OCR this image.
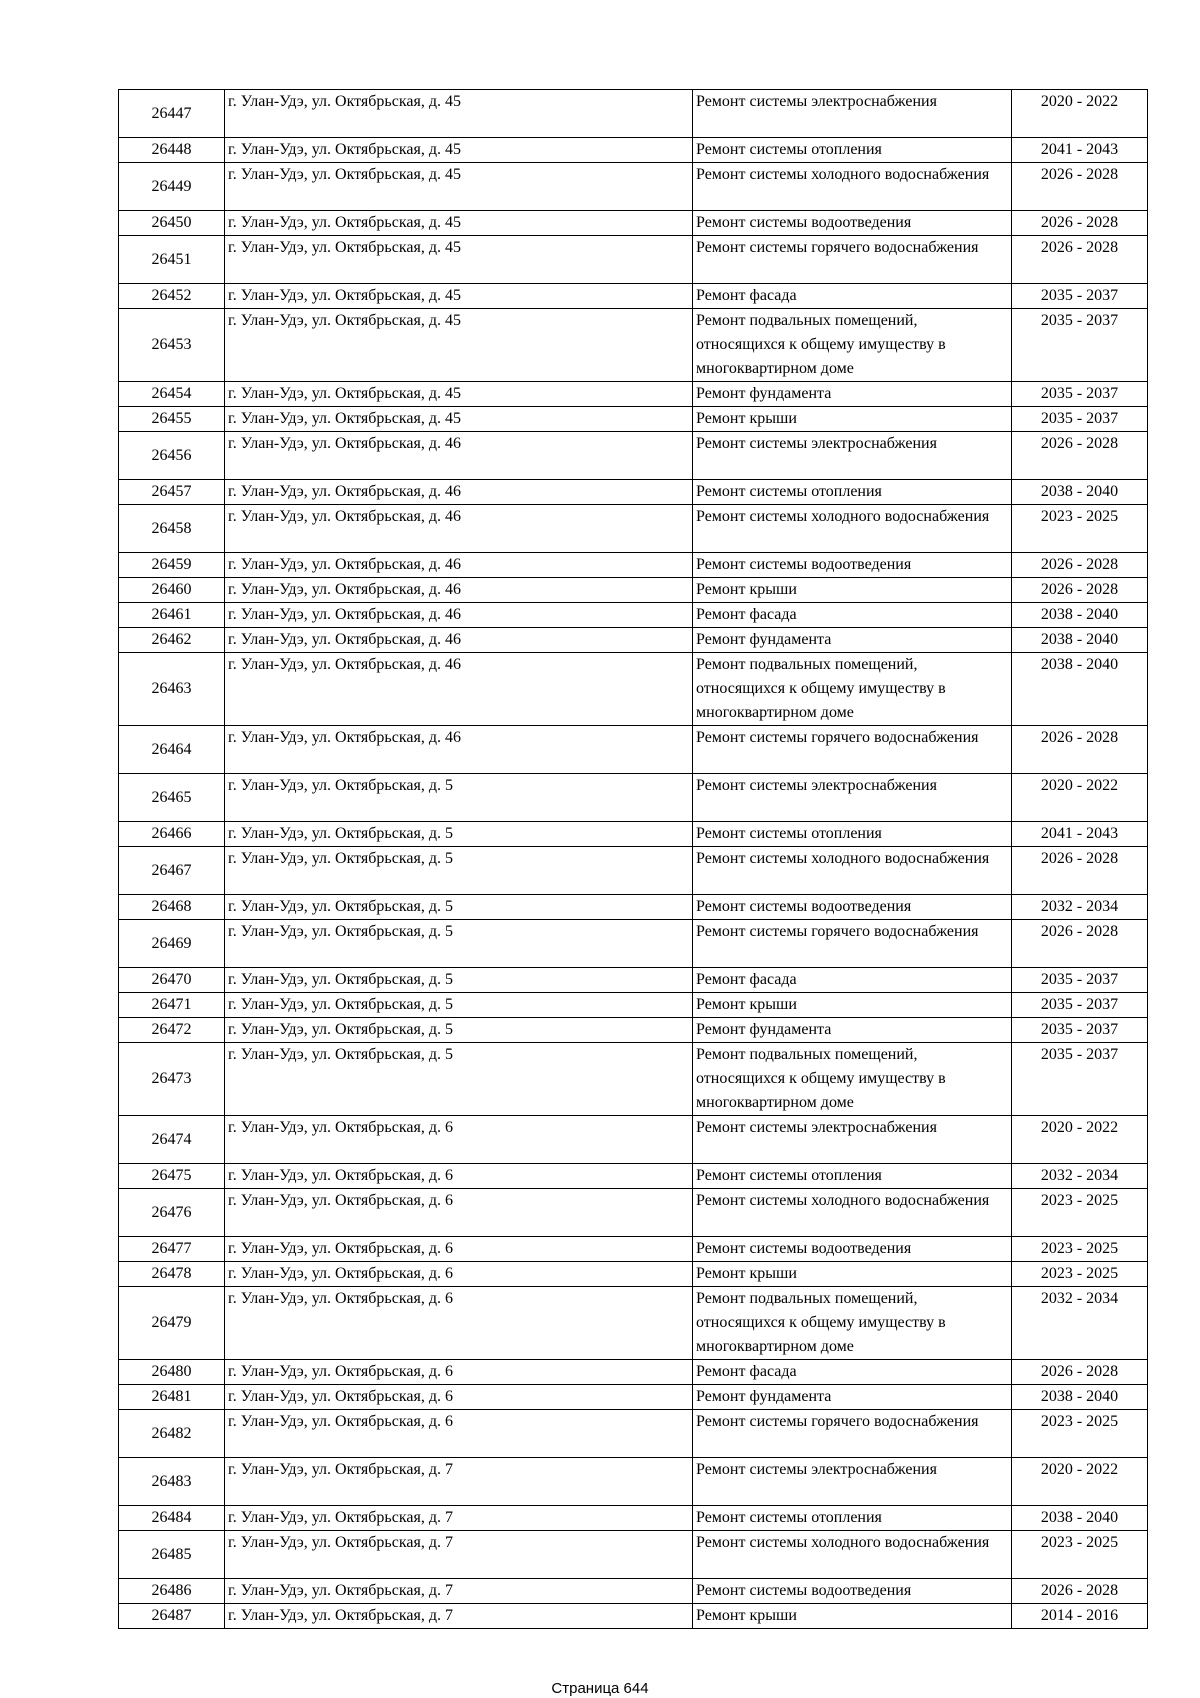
26447	г. Улан-Удэ, ул. Октябрьская, д. 45	Ремонт системы электроснабжения	2020 - 2022
26448	г. Улан-Удэ, ул. Октябрьская, д. 45	Ремонт системы отопления	2041 - 2043
26449	г. Улан-Удэ, ул. Октябрьская, д. 45	Ремонт системы холодного водоснабжения	2026 - 2028
26450	г. Улан-Удэ, ул. Октябрьская, д. 45	Ремонт системы водоотведения	2026 - 2028
26451	г. Улан-Удэ, ул. Октябрьская, д. 45	Ремонт системы горячего водоснабжения	2026 - 2028
26452	г. Улан-Удэ, ул. Октябрьская, д. 45	Ремонт фасада	2035 - 2037
26453	г. Улан-Удэ, ул. Октябрьская, д. 45	Ремонт подвальных помещений, относящихся к общему имуществу в многоквартирном доме	2035 - 2037
26454	г. Улан-Удэ, ул. Октябрьская, д. 45	Ремонт фундамента	2035 - 2037
26455	г. Улан-Удэ, ул. Октябрьская, д. 45	Ремонт крыши	2035 - 2037
26456	г. Улан-Удэ, ул. Октябрьская, д. 46	Ремонт системы электроснабжения	2026 - 2028
26457	г. Улан-Удэ, ул. Октябрьская, д. 46	Ремонт системы отопления	2038 - 2040
26458	г. Улан-Удэ, ул. Октябрьская, д. 46	Ремонт системы холодного водоснабжения	2023 - 2025
26459	г. Улан-Удэ, ул. Октябрьская, д. 46	Ремонт системы водоотведения	2026 - 2028
26460	г. Улан-Удэ, ул. Октябрьская, д. 46	Ремонт крыши	2026 - 2028
26461	г. Улан-Удэ, ул. Октябрьская, д. 46	Ремонт фасада	2038 - 2040
26462	г. Улан-Удэ, ул. Октябрьская, д. 46	Ремонт фундамента	2038 - 2040
26463	г. Улан-Удэ, ул. Октябрьская, д. 46	Ремонт подвальных помещений, относящихся к общему имуществу в многоквартирном доме	2038 - 2040
26464	г. Улан-Удэ, ул. Октябрьская, д. 46	Ремонт системы горячего водоснабжения	2026 - 2028
26465	г. Улан-Удэ, ул. Октябрьская, д. 5	Ремонт системы электроснабжения	2020 - 2022
26466	г. Улан-Удэ, ул. Октябрьская, д. 5	Ремонт системы отопления	2041 - 2043
26467	г. Улан-Удэ, ул. Октябрьская, д. 5	Ремонт системы холодного водоснабжения	2026 - 2028
26468	г. Улан-Удэ, ул. Октябрьская, д. 5	Ремонт системы водоотведения	2032 - 2034
26469	г. Улан-Удэ, ул. Октябрьская, д. 5	Ремонт системы горячего водоснабжения	2026 - 2028
26470	г. Улан-Удэ, ул. Октябрьская, д. 5	Ремонт фасада	2035 - 2037
26471	г. Улан-Удэ, ул. Октябрьская, д. 5	Ремонт крыши	2035 - 2037
26472	г. Улан-Удэ, ул. Октябрьская, д. 5	Ремонт фундамента	2035 - 2037
26473	г. Улан-Удэ, ул. Октябрьская, д. 5	Ремонт подвальных помещений, относящихся к общему имуществу в многоквартирном доме	2035 - 2037
26474	г. Улан-Удэ, ул. Октябрьская, д. 6	Ремонт системы электроснабжения	2020 - 2022
26475	г. Улан-Удэ, ул. Октябрьская, д. 6	Ремонт системы отопления	2032 - 2034
26476	г. Улан-Удэ, ул. Октябрьская, д. 6	Ремонт системы холодного водоснабжения	2023 - 2025
26477	г. Улан-Удэ, ул. Октябрьская, д. 6	Ремонт системы водоотведения	2023 - 2025
26478	г. Улан-Удэ, ул. Октябрьская, д. 6	Ремонт крыши	2023 - 2025
26479	г. Улан-Удэ, ул. Октябрьская, д. 6	Ремонт подвальных помещений, относящихся к общему имуществу в многоквартирном доме	2032 - 2034
26480	г. Улан-Удэ, ул. Октябрьская, д. 6	Ремонт фасада	2026 - 2028
26481	г. Улан-Удэ, ул. Октябрьская, д. 6	Ремонт фундамента	2038 - 2040
26482	г. Улан-Удэ, ул. Октябрьская, д. 6	Ремонт системы горячего водоснабжения	2023 - 2025
26483	г. Улан-Удэ, ул. Октябрьская, д. 7	Ремонт системы электроснабжения	2020 - 2022
26484	г. Улан-Удэ, ул. Октябрьская, д. 7	Ремонт системы отопления	2038 - 2040
26485	г. Улан-Удэ, ул. Октябрьская, д. 7	Ремонт системы холодного водоснабжения	2023 - 2025
26486	г. Улан-Удэ, ул. Октябрьская, д. 7	Ремонт системы водоотведения	2026 - 2028
26487	г. Улан-Удэ, ул. Октябрьская, д. 7	Ремонт крыши	2014 - 2016
Страница 644
